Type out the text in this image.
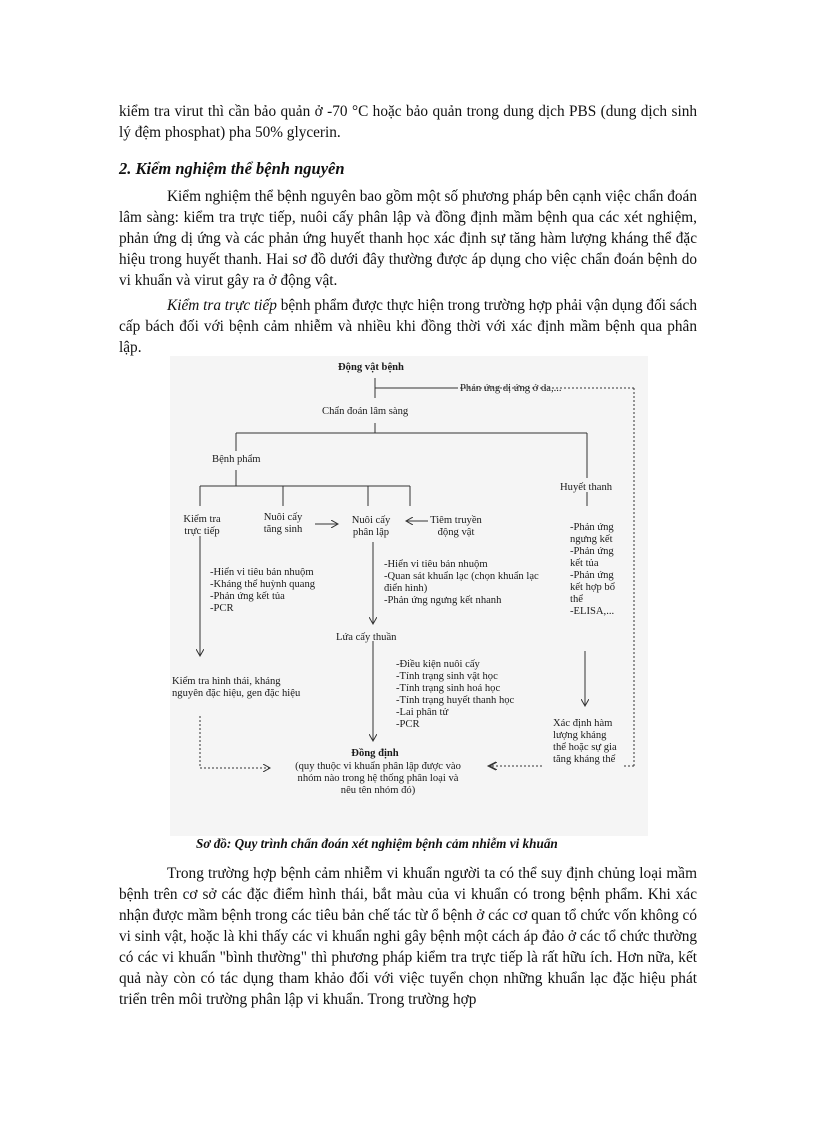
kiểm tra virut thì cần bảo quản ở -70 °C hoặc bảo quản trong dung dịch PBS (dung dịch sinh lý đệm phosphat) pha 50% glycerin.

2. Kiểm nghiệm thể bệnh nguyên

Kiểm nghiệm thể bệnh nguyên bao gồm một số phương pháp bên cạnh việc chẩn đoán lâm sàng: kiểm tra trực tiếp, nuôi cấy phân lập và đồng định mầm bệnh qua các xét nghiệm, phản ứng dị ứng và các phản ứng huyết thanh học xác định sự tăng hàm lượng kháng thể đặc hiệu trong huyết thanh. Hai sơ đồ dưới đây thường được áp dụng cho việc chẩn đoán bệnh do vi khuẩn và virut gây ra ở động vật.

Kiểm tra trực tiếp bệnh phẩm được thực hiện trong trường hợp phải vận dụng đối sách cấp bách đối với bệnh cảm nhiễm và nhiều khi đồng thời với xác định mầm bệnh qua phân lập.

Động vật bệnh
Phản ứng dị ứng ở da,...
Chẩn đoán lâm sàng
Bệnh phẩm
Huyết thanh
Kiểm tra
trực tiếp
Nuôi cấy
tăng sinh
Nuôi cấy
phân lập
Tiêm truyền
động vật
-Hiển vi tiêu bản nhuộm
-Kháng thể huỳnh quang
-Phản ứng kết tủa
-PCR
-Hiển vi tiêu bản nhuộm
-Quan sát khuẩn lạc (chọn khuẩn lạc
điển hình)
-Phản ứng ngưng kết nhanh
-Phản ứng
ngưng kết
-Phản ứng
kết tủa
-Phản ứng
kết hợp bổ
thể
-ELISA,...
Lứa cấy thuần
-Điều kiện nuôi cấy
-Tính trạng sinh vật học
-Tính trạng sinh hoá học
-Tính trạng huyết thanh học
-Lai phân tử
-PCR
Kiểm tra hình thái, kháng
nguyên đặc hiệu, gen đặc hiệu
Xác định hàm
lượng kháng
thể hoặc sự gia
tăng kháng thể
Đồng định
(quy thuộc vi khuẩn phân lập được vào
nhóm nào trong hệ thống phân loại và
nêu tên nhóm đó)

Sơ đồ: Quy trình chẩn đoán xét nghiệm bệnh cảm nhiễm vi khuẩn

Trong trường hợp bệnh cảm nhiễm vi khuẩn người ta có thể suy định chủng loại mầm bệnh trên cơ sở các đặc điểm hình thái, bắt màu của vi khuẩn có trong bệnh phẩm. Khi xác nhận được mầm bệnh trong các tiêu bản chế tác từ ổ bệnh ở các cơ quan tổ chức vốn không có vi sinh vật, hoặc là khi thấy các vi khuẩn nghi gây bệnh một cách áp đảo ở các tổ chức thường có các vi khuẩn "bình thường" thì phương pháp kiểm tra trực tiếp là rất hữu ích. Hơn nữa, kết quả này còn có tác dụng tham khảo đối với việc tuyển chọn những khuẩn lạc đặc hiệu phát triển trên môi trường phân lập vi khuẩn. Trong trường hợp
